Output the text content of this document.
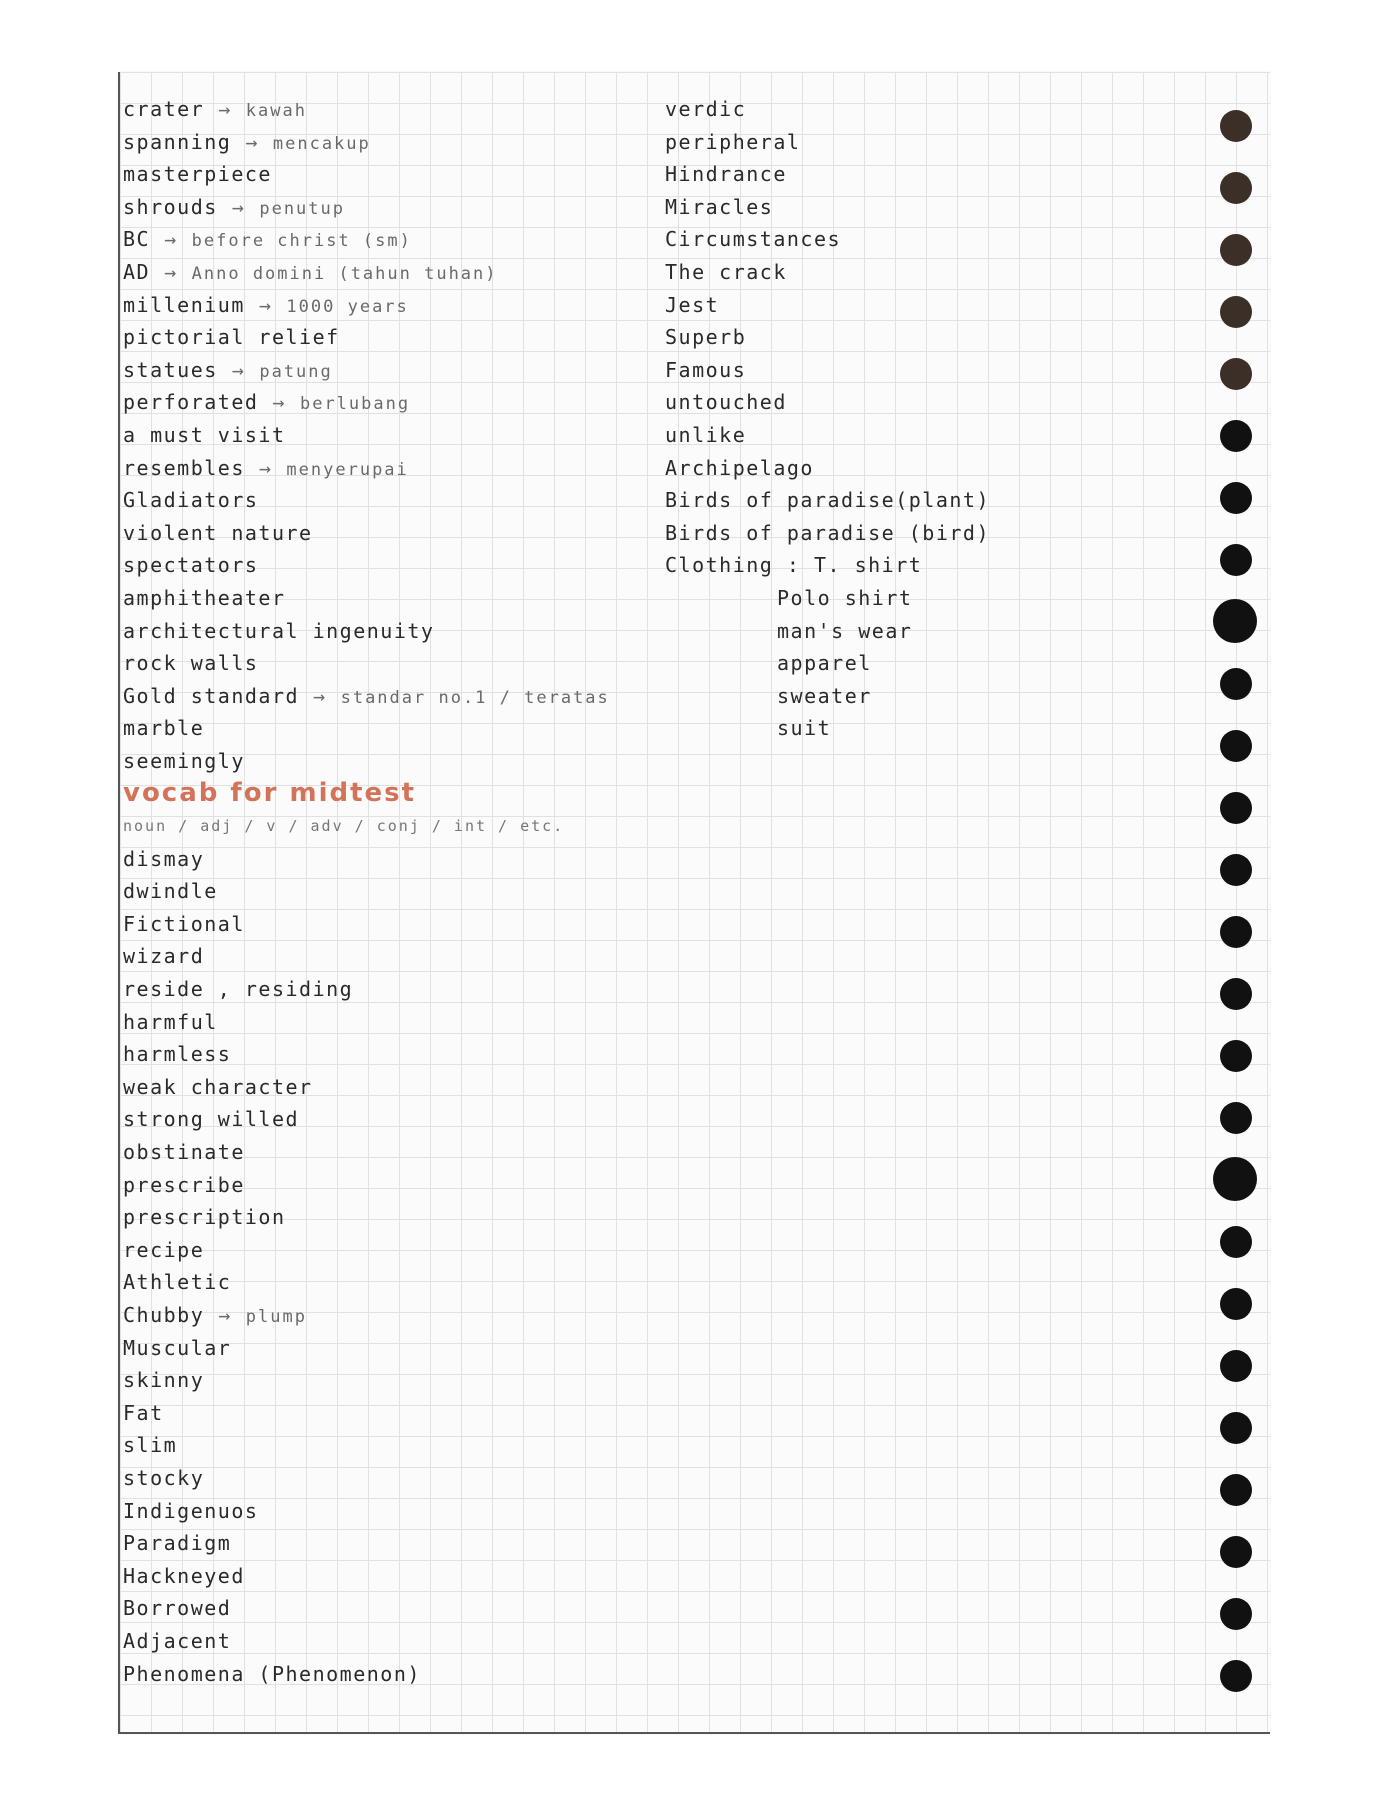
crater → kawah
spanning → mencakup
masterpiece
shrouds → penutup
BC → before christ (sm)
AD → Anno domini (tahun tuhan)
millenium → 1000 years
pictorial relief
statues → patung
perforated → berlubang
a must visit
resembles → menyerupai
Gladiators
violent nature
spectators
amphitheater
architectural ingenuity
rock walls
Gold standard → standar no.1 / teratas
marble
seemingly
vocab for midtest
noun / adj / v / adv / conj / int / etc.
dismay
dwindle
Fictional
wizard
reside , residing
harmful
harmless
weak character
strong willed
obstinate
prescribe
prescription
recipe
Athletic
Chubby → plump
Muscular
skinny
Fat
slim
stocky
Indigenuos
Paradigm
Hackneyed
Borrowed
Adjacent
Phenomena (Phenomenon)
verdic
peripheral
Hindrance
Miracles
Circumstances
The crack
Jest
Superb
Famous
untouched
unlike
Archipelago
Birds of paradise(plant)
Birds of paradise (bird)
Clothing : T. shirt
Polo shirt
man's wear
apparel
sweater
suit
